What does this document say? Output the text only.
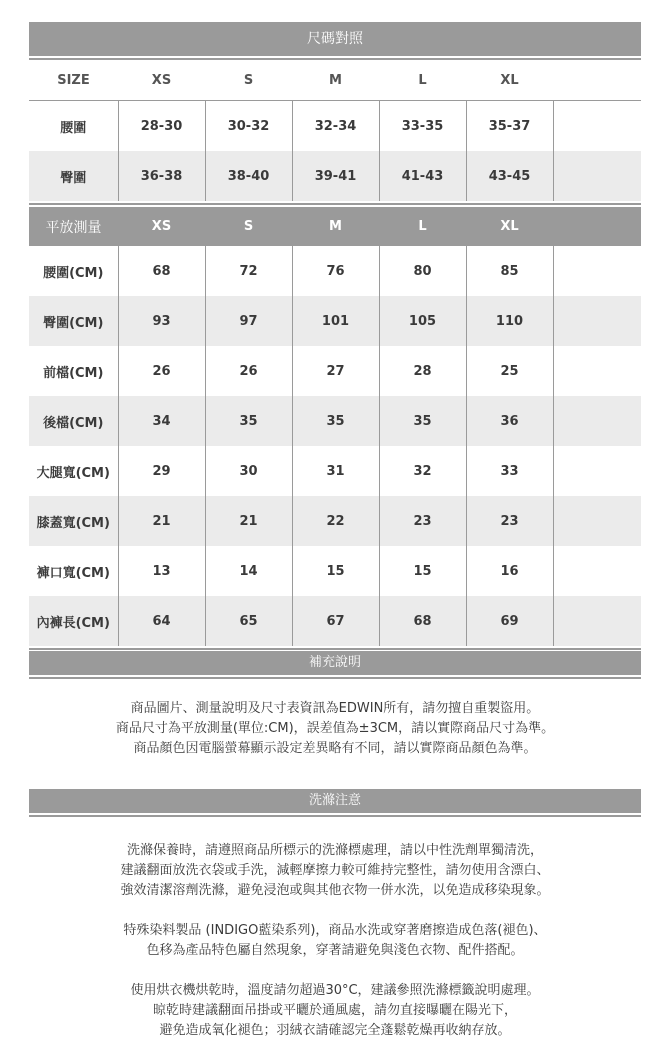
尺碼對照
SIZE	XS	S	M	L	XL	
腰圍	28-30	30-32	32-34	33-35	35-37	
臀圍	36-38	38-40	39-41	41-43	43-45	
平放測量	XS	S	M	L	XL	
腰圍(CM)	68	72	76	80	85	
臀圍(CM)	93	97	101	105	110	
前檔(CM)	26	26	27	28	25	
後檔(CM)	34	35	35	35	36	
大腿寬(CM)	29	30	31	32	33	
膝蓋寬(CM)	21	21	22	23	23	
褲口寬(CM)	13	14	15	15	16	
內褲長(CM)	64	65	67	68	69	
補充說明

商品圖片、測量說明及尺寸表資訊為EDWIN所有，請勿擅自重製盜用。

商品尺寸為平放測量(單位:CM)，誤差值為±3CM，請以實際商品尺寸為準。

商品顏色因電腦螢幕顯示設定差異略有不同，請以實際商品顏色為準。

洗滌注意

洗滌保養時，請遵照商品所標示的洗滌標處理，請以中性洗劑單獨清洗，

建議翻面放洗衣袋或手洗，減輕摩擦力較可維持完整性，請勿使用含漂白、

強效清潔溶劑洗滌，避免浸泡或與其他衣物一併水洗，以免造成移染現象。

特殊染料製品 (INDIGO藍染系列)，商品水洗或穿著磨擦造成色落(褪色)、

色移為產品特色屬自然現象，穿著請避免與淺色衣物、配件搭配。

使用烘衣機烘乾時，溫度請勿超過30°C，建議參照洗滌標籤說明處理。

晾乾時建議翻面吊掛或平曬於通風處，請勿直接曝曬在陽光下，

避免造成氧化褪色；羽絨衣請確認完全蓬鬆乾燥再收納存放。
